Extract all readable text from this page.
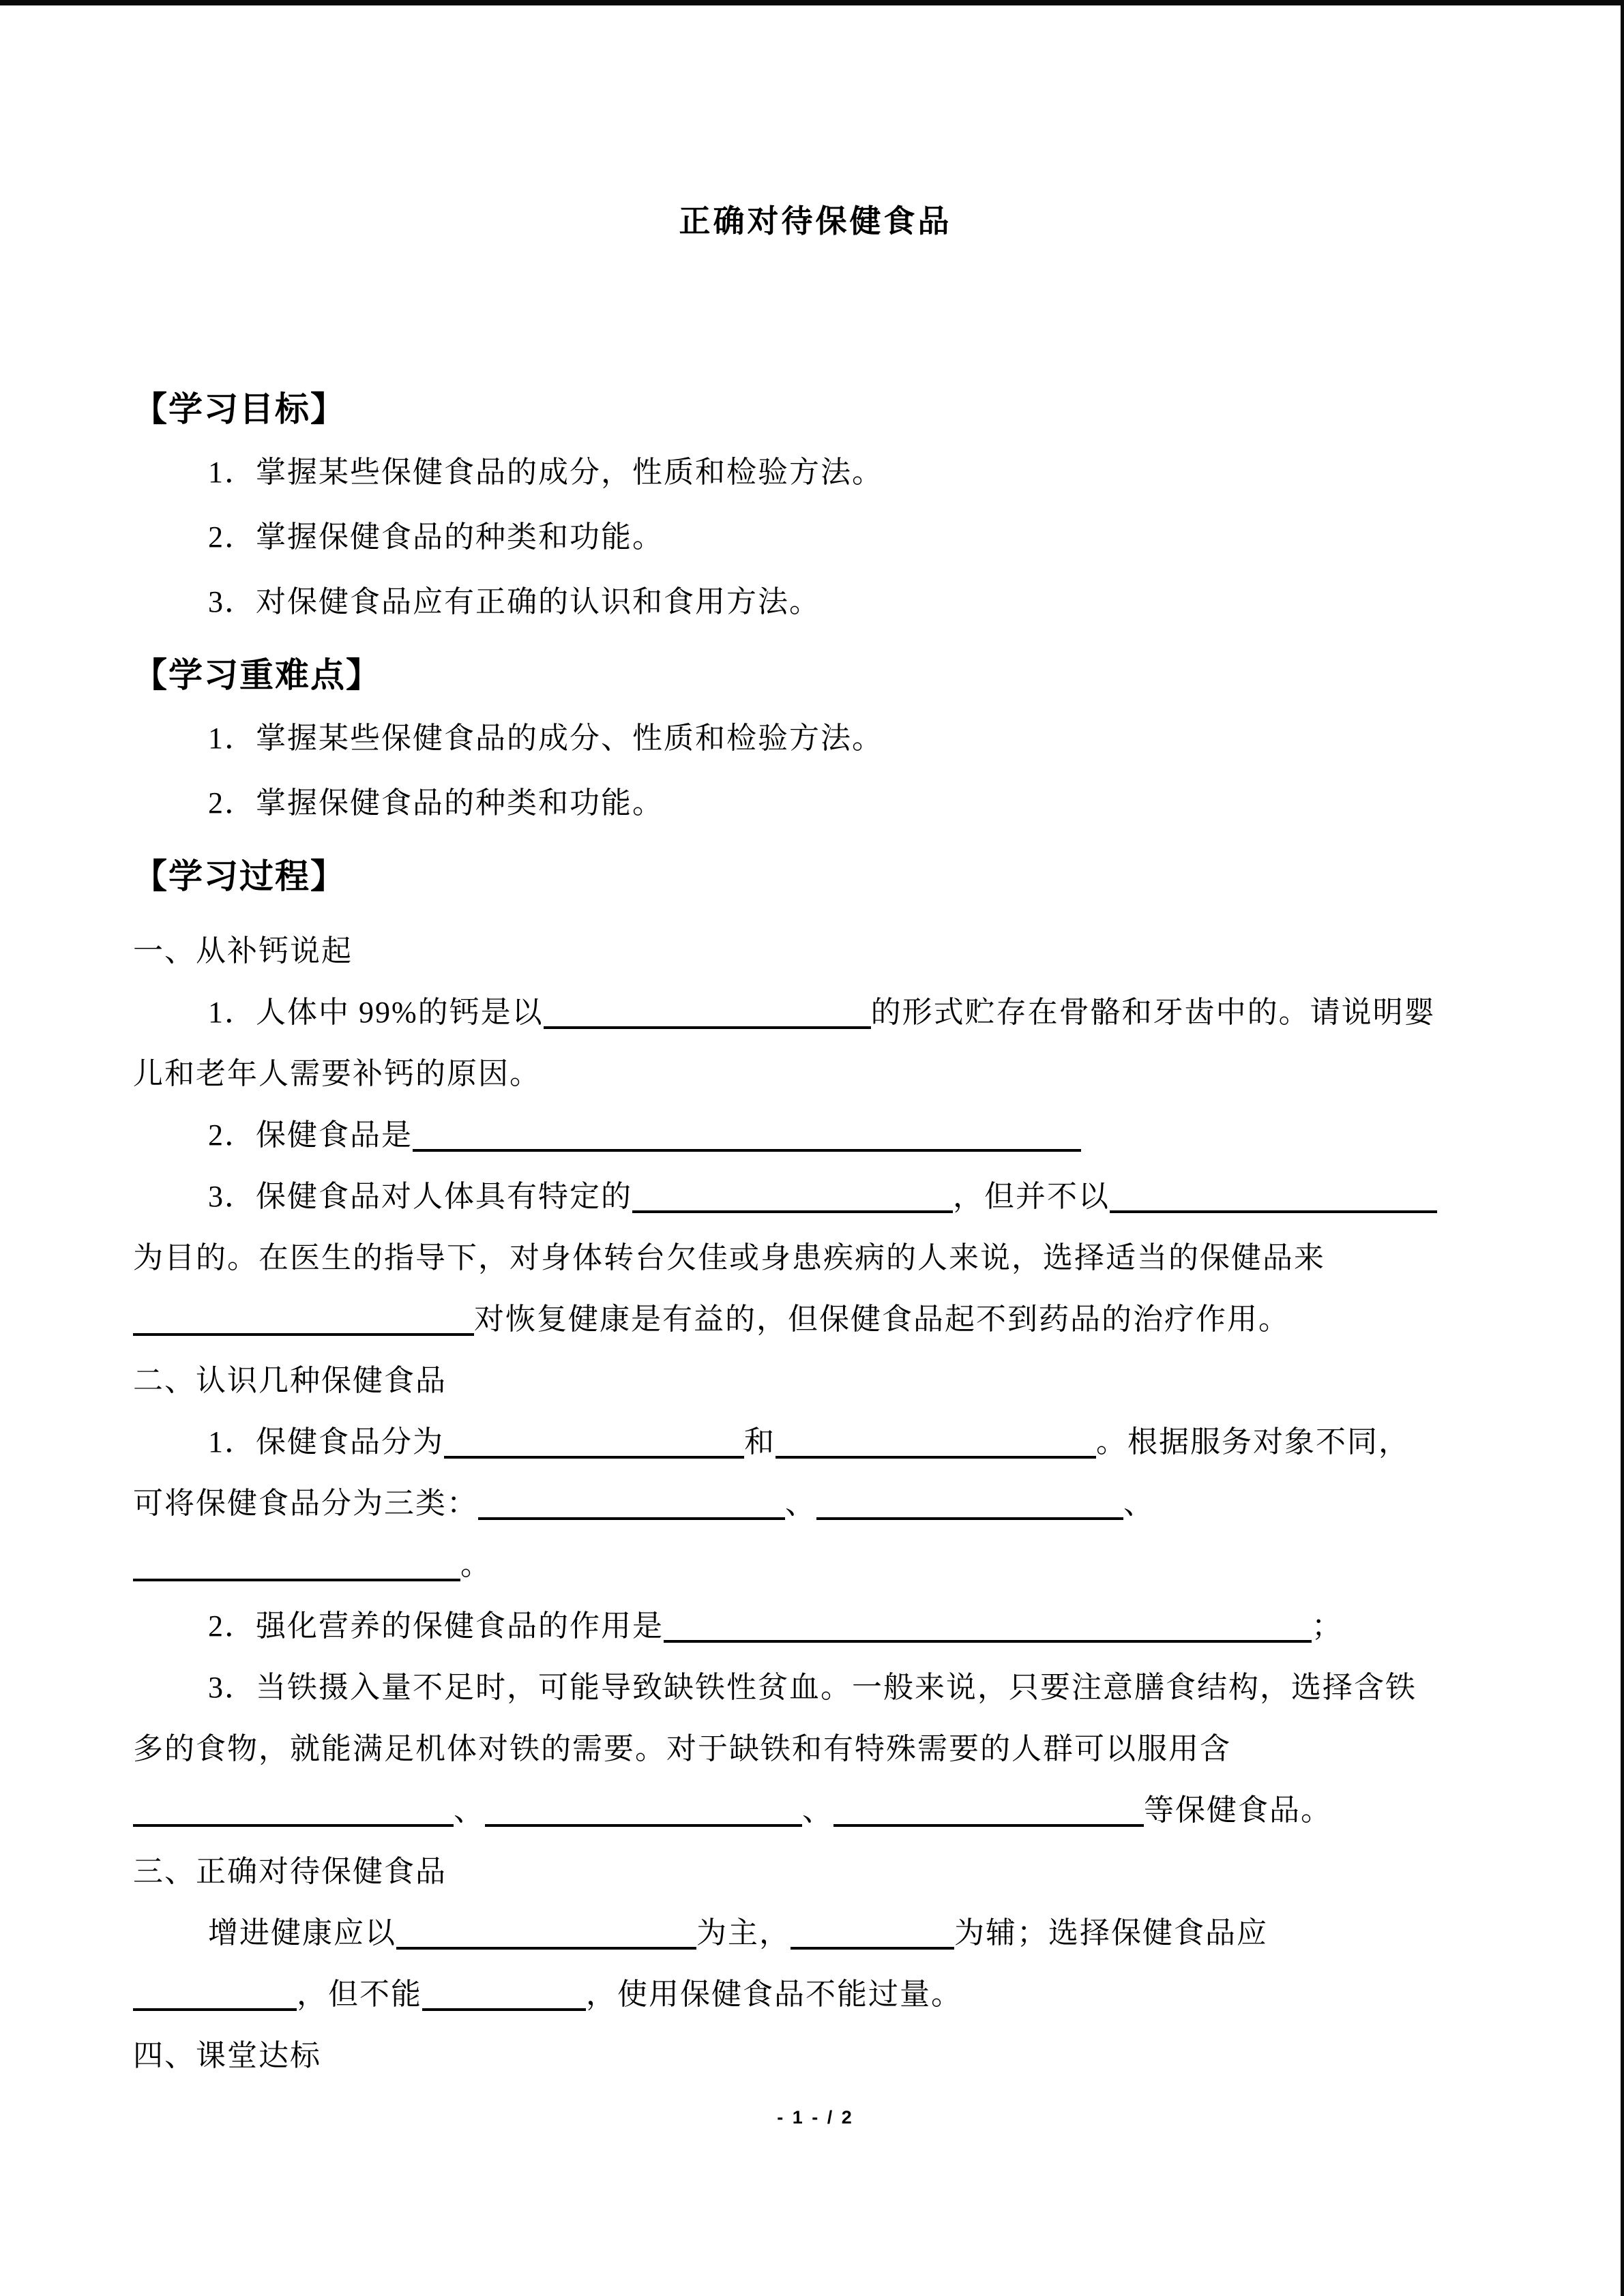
正确对待保健食品
【学习目标】
1．掌握某些保健食品的成分，性质和检验方法。
2．掌握保健食品的种类和功能。
3．对保健食品应有正确的认识和食用方法。
【学习重难点】
1．掌握某些保健食品的成分、性质和检验方法。
2．掌握保健食品的种类和功能。
【学习过程】
一、从补钙说起
1．人体中 99%的钙是以	的形式贮存在骨骼和牙齿中的。请说明婴
儿和老年人需要补钙的原因。
2．保健食品是
3．保健食品对人体具有特定的	，但并不以
为目的。在医生的指导下，对身体转台欠佳或身患疾病的人来说，选择适当的保健品来
对恢复健康是有益的，但保健食品起不到药品的治疗作用。
二、认识几种保健食品
1．保健食品分为	和	。根据服务对象不同，
可将保健食品分为三类：	、	、
。
2．强化营养的保健食品的作用是	；
3．当铁摄入量不足时，可能导致缺铁性贫血。一般来说，只要注意膳食结构，选择含铁
多的食物，就能满足机体对铁的需要。对于缺铁和有特殊需要的人群可以服用含
、	、	等保健食品。
三、正确对待保健食品
增进健康应以	为主，	为辅；选择保健食品应
，但不能	，使用保健食品不能过量。
四、课堂达标
- 1 - / 2
